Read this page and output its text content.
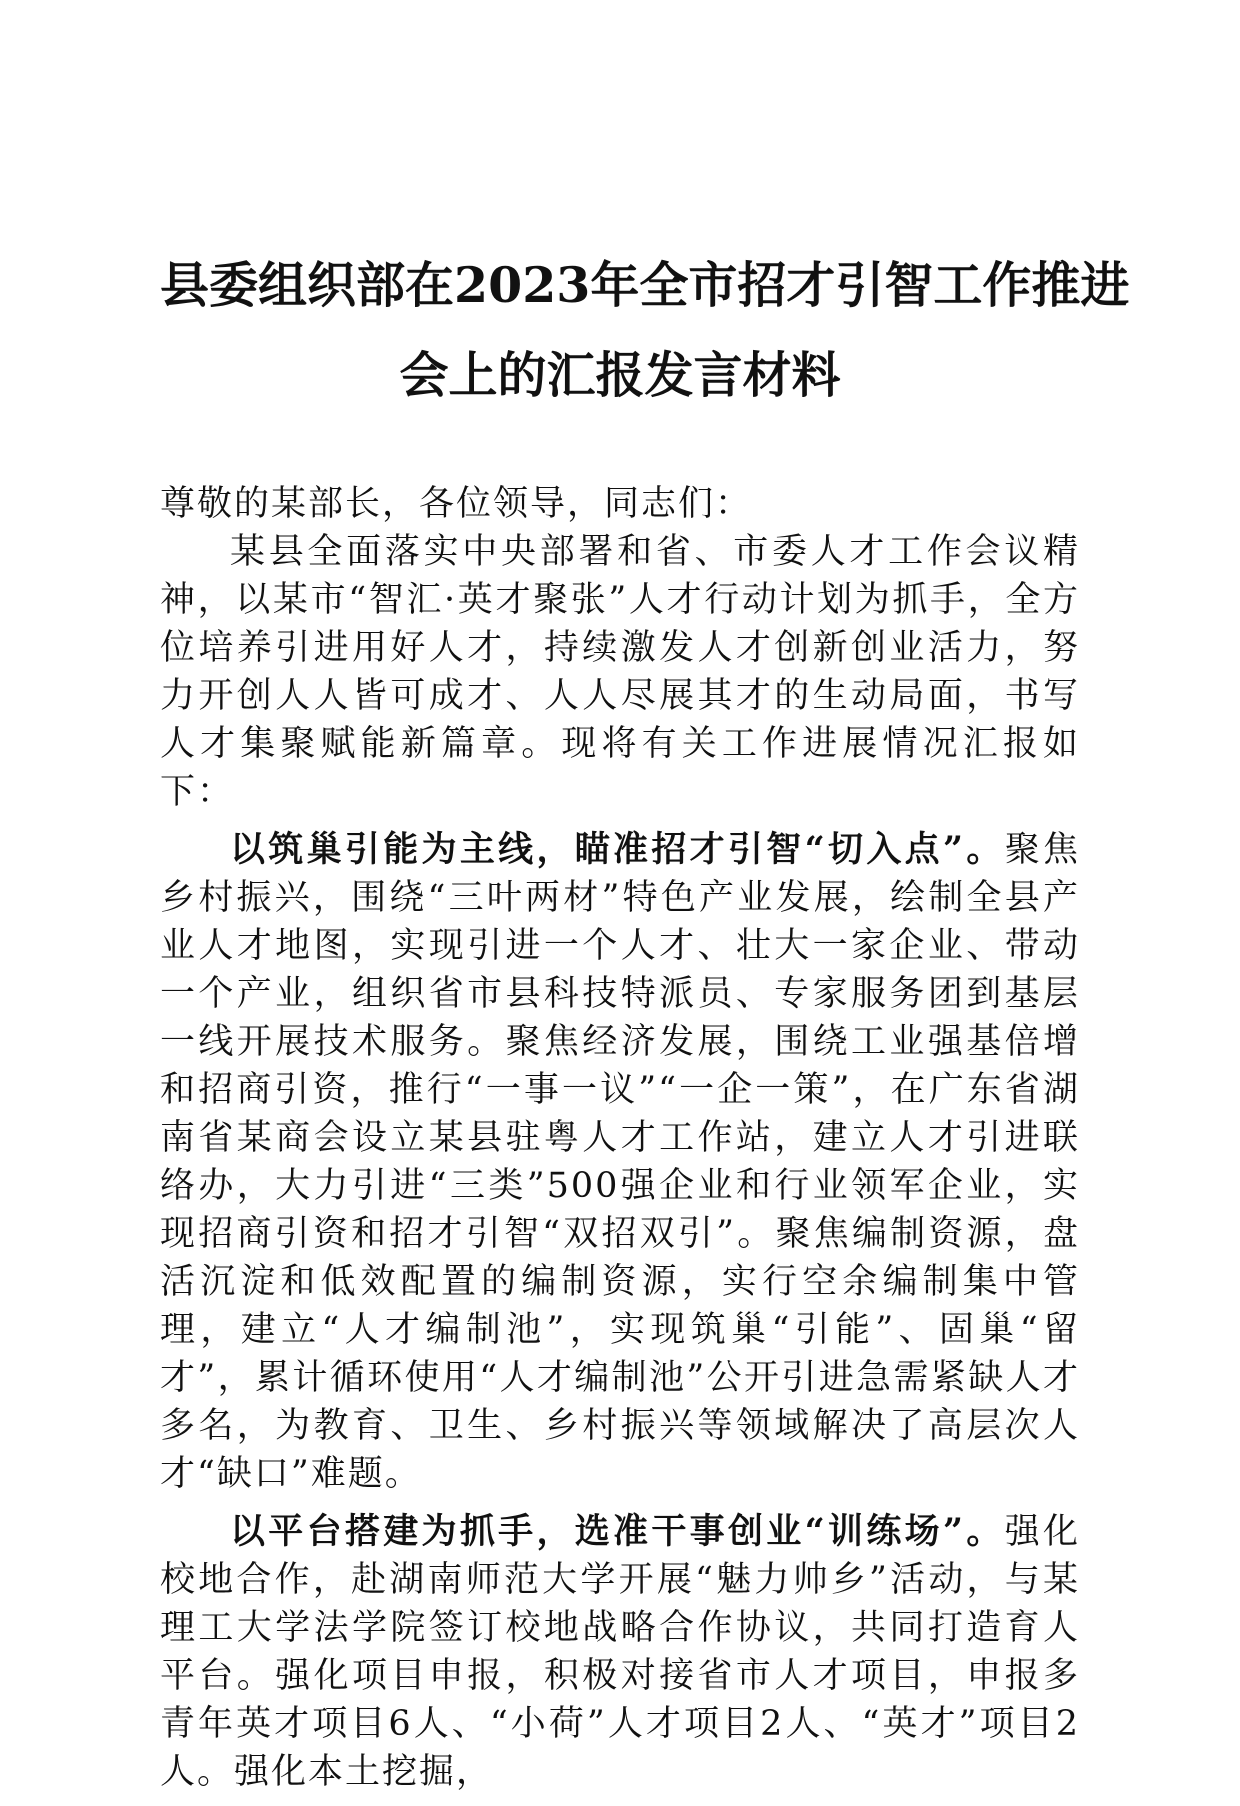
县委组织部在2023年全市招才引智工作推进
会上的汇报发言材料

尊敬的某部长，各位领导，同志们：

某县全面落实中央部署和省、市委人才工作会议精神，以某市“智汇·英才聚张”人才行动计划为抓手，全方位培养引进用好人才，持续激发人才创新创业活力，努力开创人人皆可成才、人人尽展其才的生动局面，书写人才集聚赋能新篇章。现将有关工作进展情况汇报如下：

以筑巢引能为主线，瞄准招才引智“切入点”。聚焦乡村振兴，围绕“三叶两材”特色产业发展，绘制全县产业人才地图，实现引进一个人才、壮大一家企业、带动一个产业，组织省市县科技特派员、专家服务团到基层一线开展技术服务。聚焦经济发展，围绕工业强基倍增和招商引资，推行“一事一议”“一企一策”，在广东省湖南省某商会设立某县驻粤人才工作站，建立人才引进联络办，大力引进“三类”500强企业和行业领军企业，实现招商引资和招才引智“双招双引”。聚焦编制资源，盘活沉淀和低效配置的编制资源，实行空余编制集中管理，建立“人才编制池”，实现筑巢“引能”、固巢“留才”，累计循环使用“人才编制池”公开引进急需紧缺人才多名，为教育、卫生、乡村振兴等领域解决了高层次人才“缺口”难题。

以平台搭建为抓手，选准干事创业“训练场”。强化校地合作，赴湖南师范大学开展“魅力帅乡”活动，与某理工大学法学院签订校地战略合作协议，共同打造育人平台。强化项目申报，积极对接省市人才项目，申报多青年英才项目6人、“小荷”人才项目2人、“英才”项目2人。强化本土挖掘，
